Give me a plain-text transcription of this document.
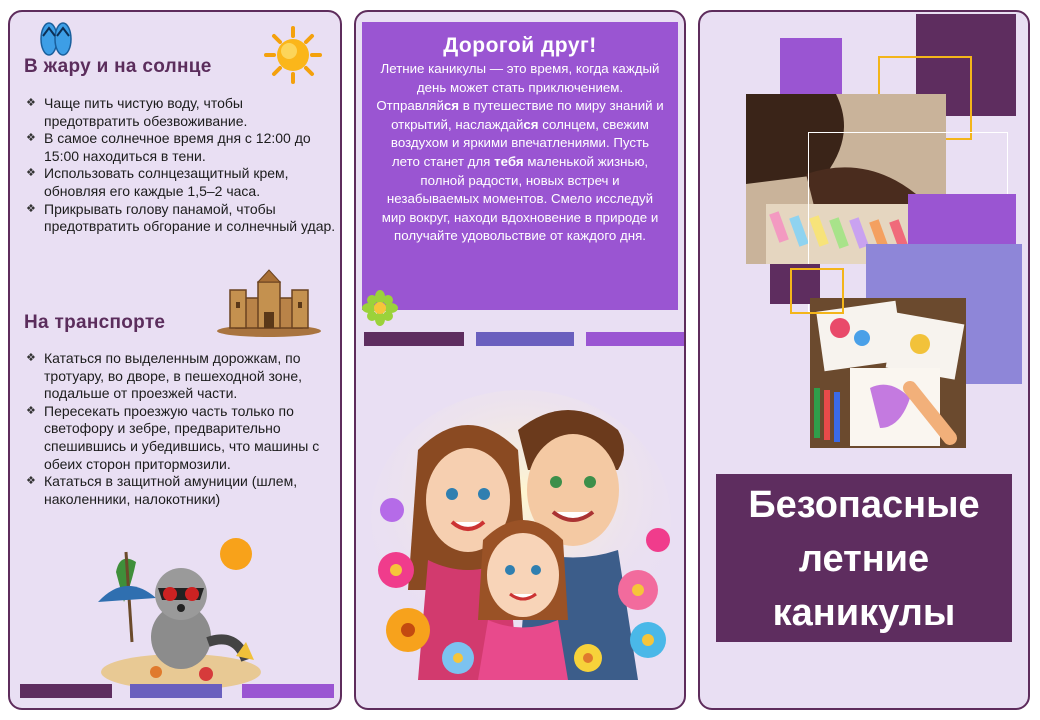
В жару и на солнце
❖ Чаще пить чистую воду, чтобы предотвратить обезвоживание.
❖ В самое солнечное время дня с 12:00 до 15:00 находиться в тени.
❖ Использовать солнцезащитный крем, обновляя его каждые 1,5–2 часа.
❖ Прикрывать голову панамой, чтобы предотвратить обгорание и солнечный удар.
На транспорте
❖ Кататься по выделенным дорожкам, по тротуару, во дворе, в пешеходной зоне, подальше от проезжей части.
❖ Пересекать проезжую часть только по светофору и зебре, предварительно спешившись и убедившись, что машины с обеих сторон притормозили.
❖ Кататься в защитной амуниции (шлем, наколенники, налокотники)
Дорогой друг!

Летние каникулы — это время, когда каждый день может стать приключением. Отправляйся в путешествие по миру знаний и открытий, наслаждайся солнцем, свежим воздухом и яркими впечатлениями. Пусть лето станет для тебя маленькой жизнью, полной радости, новых встреч и незабываемых моментов. Смело исследуй мир вокруг, находи вдохновение в природе и получайте удовольствие от каждого дня.

Безопасные
летние
каникулы
